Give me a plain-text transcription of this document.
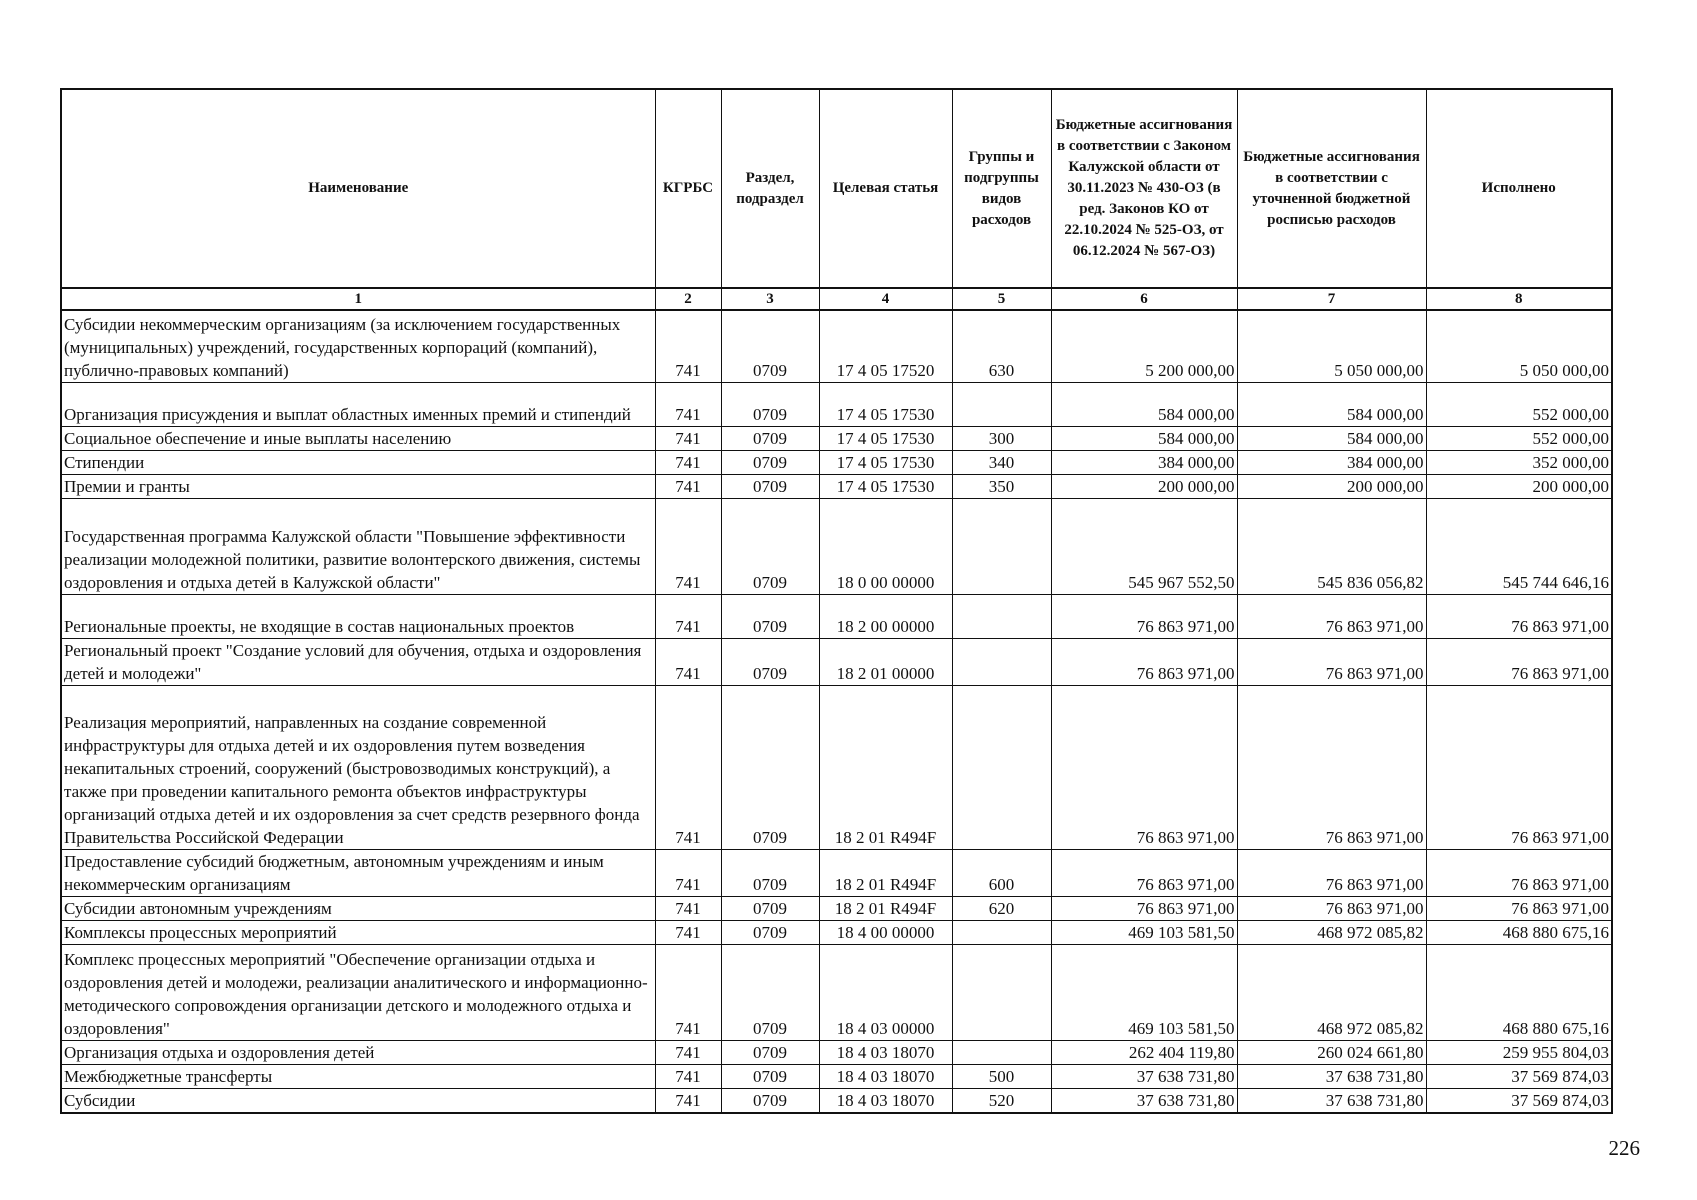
Наименование	КГРБС	Раздел, подраздел	Целевая статья	Группы и подгруппы видов расходов	Бюджетные ассигнования в соответствии с Законом Калужской области от 30.11.2023 № 430-ОЗ (в ред. Законов КО от 22.10.2024 № 525-ОЗ, от 06.12.2024 № 567-ОЗ)	Бюджетные ассигнования в соответствии с уточненной бюджетной росписью расходов	Исполнено
1	2	3	4	5	6	7	8
Субсидии некоммерческим организациям (за исключением государственных (муниципальных) учреждений, государственных корпораций (компаний), публично-правовых компаний)	741	0709	17 4 05 17520	630	5 200 000,00	5 050 000,00	5 050 000,00
Организация присуждения и выплат областных именных премий и стипендий	741	0709	17 4 05 17530		584 000,00	584 000,00	552 000,00
Социальное обеспечение и иные выплаты населению	741	0709	17 4 05 17530	300	584 000,00	584 000,00	552 000,00
Стипендии	741	0709	17 4 05 17530	340	384 000,00	384 000,00	352 000,00
Премии и гранты	741	0709	17 4 05 17530	350	200 000,00	200 000,00	200 000,00
Государственная программа Калужской области "Повышение эффективности реализации молодежной политики, развитие волонтерского движения, системы оздоровления и отдыха детей в Калужской области"	741	0709	18 0 00 00000		545 967 552,50	545 836 056,82	545 744 646,16
Региональные проекты, не входящие в состав национальных проектов	741	0709	18 2 00 00000		76 863 971,00	76 863 971,00	76 863 971,00
Региональный проект "Создание условий для обучения, отдыха и оздоровления детей и молодежи"	741	0709	18 2 01 00000		76 863 971,00	76 863 971,00	76 863 971,00
Реализация мероприятий, направленных на создание современной инфраструктуры для отдыха детей и их оздоровления путем возведения некапитальных строений, сооружений (быстровозводимых конструкций), а также при проведении капитального ремонта объектов инфраструктуры организаций отдыха детей и их оздоровления за счет средств резервного фонда Правительства Российской Федерации	741	0709	18 2 01 R494F		76 863 971,00	76 863 971,00	76 863 971,00
Предоставление субсидий бюджетным, автономным учреждениям и иным некоммерческим организациям	741	0709	18 2 01 R494F	600	76 863 971,00	76 863 971,00	76 863 971,00
Субсидии автономным учреждениям	741	0709	18 2 01 R494F	620	76 863 971,00	76 863 971,00	76 863 971,00
Комплексы процессных мероприятий	741	0709	18 4 00 00000		469 103 581,50	468 972 085,82	468 880 675,16
Комплекс процессных мероприятий "Обеспечение организации отдыха и оздоровления детей и молодежи, реализации аналитического и информационно-методического сопровождения организации детского и молодежного отдыха и оздоровления"	741	0709	18 4 03 00000		469 103 581,50	468 972 085,82	468 880 675,16
Организация отдыха и оздоровления детей	741	0709	18 4 03 18070		262 404 119,80	260 024 661,80	259 955 804,03
Межбюджетные трансферты	741	0709	18 4 03 18070	500	37 638 731,80	37 638 731,80	37 569 874,03
Субсидии	741	0709	18 4 03 18070	520	37 638 731,80	37 638 731,80	37 569 874,03
226
